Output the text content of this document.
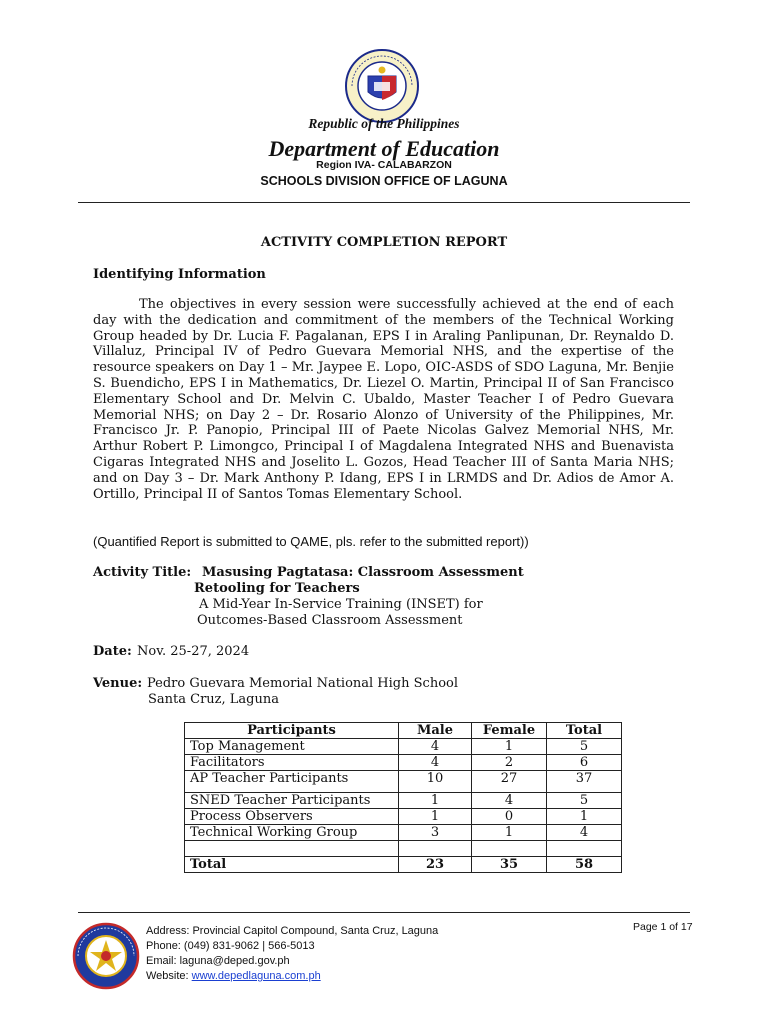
Republic of the Philippines
Department of Education
Region IVA- CALABARZON
SCHOOLS DIVISION OFFICE OF LAGUNA
ACTIVITY COMPLETION REPORT
Identifying Information

The objectives in every session were successfully achieved at the end of each day with the dedication and commitment of the members of the Technical Working Group headed by Dr. Lucia F. Pagalanan, EPS I in Araling Panlipunan, Dr. Reynaldo D. Villaluz, Principal IV of Pedro Guevara Memorial NHS, and the expertise of the resource speakers on Day 1 – Mr. Jaypee E. Lopo, OIC-ASDS of SDO Laguna, Mr. Benjie S. Buendicho, EPS I in Mathematics, Dr. Liezel O. Martin, Principal II of San Francisco Elementary School and Dr. Melvin C. Ubaldo, Master Teacher I of Pedro Guevara Memorial NHS; on Day 2 – Dr. Rosario Alonzo of University of the Philippines, Mr. Francisco Jr. P. Panopio, Principal III of Paete Nicolas Galvez Memorial NHS, Mr. Arthur Robert P. Limongco, Principal I of Magdalena Integrated NHS and Buenavista Cigaras Integrated NHS and Joselito L. Gozos, Head Teacher III of Santa Maria NHS; and on Day 3 – Dr. Mark Anthony P. Idang, EPS I in LRMDS and Dr. Adios de Amor A. Ortillo, Principal II of Santos Tomas Elementary School.

(Quantified Report is submitted to QAME, pls. refer to the submitted report))
Activity Title: Masusing Pagtatasa: Classroom Assessment
Retooling for Teachers
A Mid-Year In-Service Training (INSET) for
Outcomes-Based Classroom Assessment
Date: Nov. 25-27, 2024
Venue: Pedro Guevara Memorial National High School
Santa Cruz, Laguna
Participants	Male	Female	Total
Top Management	4	1	5
Facilitators	4	2	6
AP Teacher Participants	10	27	37
SNED Teacher Participants	1	4	5
Process Observers	1	0	1
Technical Working Group	3	1	4

Total	23	35	58
Address: Provincial Capitol Compound, Santa Cruz, Laguna
Phone: (049) 831-9062 | 566-5013
Email: laguna@deped.gov.ph
Website: www.depedlaguna.com.ph
Page 1 of 17
